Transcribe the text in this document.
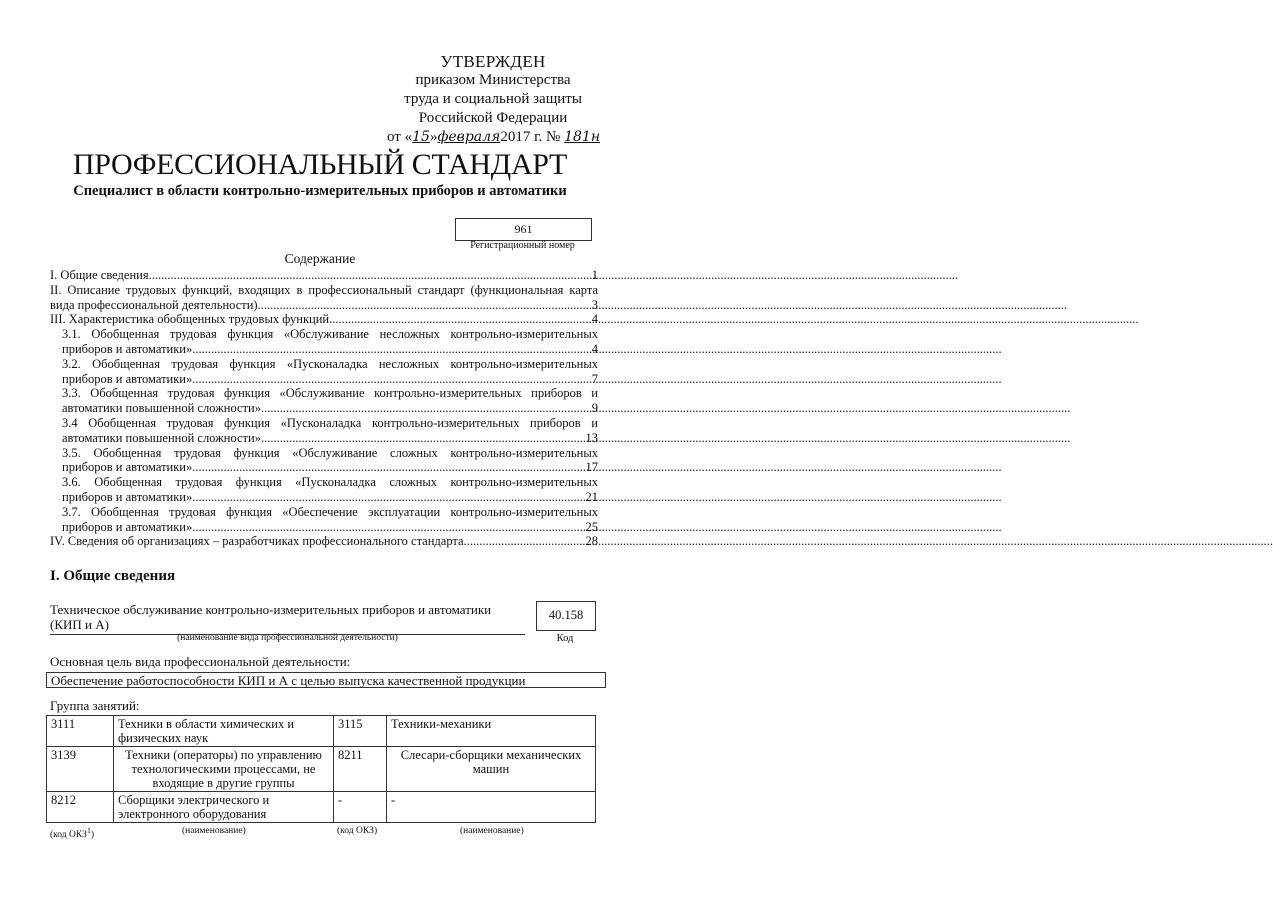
УТВЕРЖДЕН
приказом Министерства
труда и социальной защиты
Российской Федерации
от «15»февраля2017 г. № 181н
ПРОФЕССИОНАЛЬНЫЙ СТАНДАРТ
Специалист в области контрольно-измерительных приборов и автоматики
961
Регистрационный номер
Содержание
I. Общие сведения .....	1
II. Описание трудовых функций, входящих в профессиональный стандарт (функциональная карта
вида профессиональной деятельности) .....	3
III. Характеристика обобщенных трудовых функций .....	4
3.1. Обобщенная трудовая функция «Обслуживание несложных контрольно-измерительных
приборов и автоматики» .....	4
3.2. Обобщенная трудовая функция «Пусконаладка несложных контрольно-измерительных
приборов и автоматики» .....	7
3.3. Обобщенная трудовая функция «Обслуживание контрольно-измерительных приборов и
автоматики повышенной сложности» .....	9
3.4 Обобщенная трудовая функция «Пусконаладка контрольно-измерительных приборов и
автоматики повышенной сложности» .....	13
3.5. Обобщенная трудовая функция «Обслуживание сложных контрольно-измерительных
приборов и автоматики» .....	17
3.6. Обобщенная трудовая функция «Пусконаладка сложных контрольно-измерительных
приборов и автоматики» .....	21
3.7. Обобщенная трудовая функция «Обеспечение эксплуатации контрольно-измерительных
приборов и автоматики» .....	25
IV. Сведения об организациях – разработчиках профессионального стандарта .....	28
I. Общие сведения
Техническое обслуживание контрольно-измерительных приборов и автоматики
(КИП и А)
(наименование вида профессиональной деятельности)
40.158
Код
Основная цель вида профессиональной деятельности:
Обеспечение работоспособности КИП и А с целью выпуска качественной продукции
Группа занятий:
3111	Техники в области химических и физических наук	3115	Техники-механики
3139	Техники (операторы) по управлению технологическими процессами, не входящие в другие группы	8211	Слесари-сборщики механических машин
8212	Сборщики электрического и электронного оборудования	-	-
(код ОКЗ$^1$)	(наименование)	(код ОКЗ)	(наименование)
